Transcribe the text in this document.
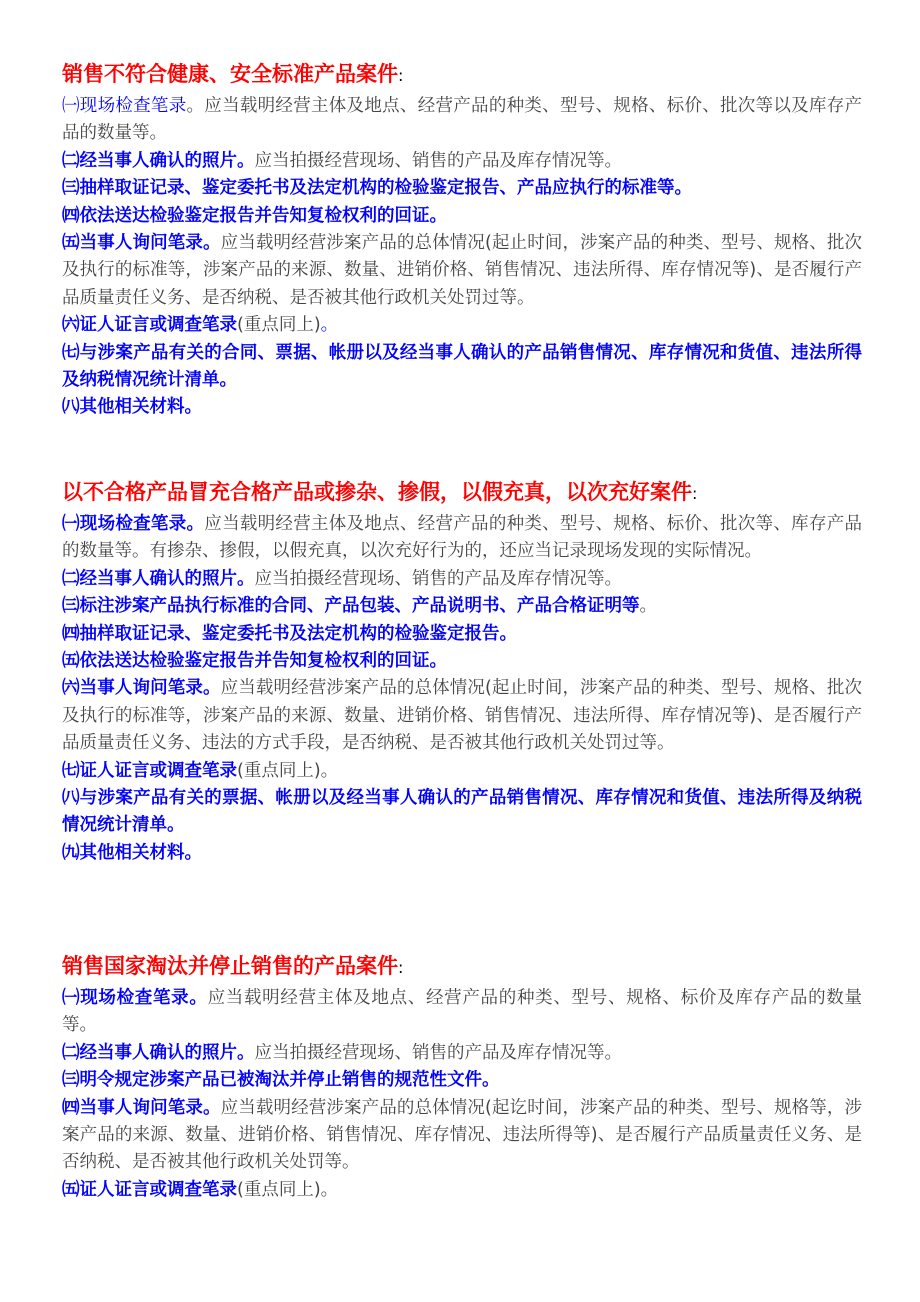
销售不符合健康、安全标准产品案件:

㈠现场检查笔录。应当载明经营主体及地点、经营产品的种类、型号、规格、标价、批次等以及库存产品的数量等。

㈡经当事人确认的照片。应当拍摄经营现场、销售的产品及库存情况等。

㈢抽样取证记录、鉴定委托书及法定机构的检验鉴定报告、产品应执行的标准等。

㈣依法送达检验鉴定报告并告知复检权利的回证。

㈤当事人询问笔录。应当载明经营涉案产品的总体情况(起止时间，涉案产品的种类、型号、规格、批次及执行的标准等，涉案产品的来源、数量、进销价格、销售情况、违法所得、库存情况等)、是否履行产品质量责任义务、是否纳税、是否被其他行政机关处罚过等。

㈥证人证言或调查笔录(重点同上)。

㈦与涉案产品有关的合同、票据、帐册以及经当事人确认的产品销售情况、库存情况和货值、违法所得及纳税情况统计清单。

㈧其他相关材料。

以不合格产品冒充合格产品或掺杂、掺假，以假充真，以次充好案件:

㈠现场检查笔录。应当载明经营主体及地点、经营产品的种类、型号、规格、标价、批次等、库存产品的数量等。有掺杂、掺假，以假充真，以次充好行为的，还应当记录现场发现的实际情况。

㈡经当事人确认的照片。应当拍摄经营现场、销售的产品及库存情况等。

㈢标注涉案产品执行标准的合同、产品包装、产品说明书、产品合格证明等。

㈣抽样取证记录、鉴定委托书及法定机构的检验鉴定报告。

㈤依法送达检验鉴定报告并告知复检权利的回证。

㈥当事人询问笔录。应当载明经营涉案产品的总体情况(起止时间，涉案产品的种类、型号、规格、批次及执行的标准等，涉案产品的来源、数量、进销价格、销售情况、违法所得、库存情况等)、是否履行产品质量责任义务、违法的方式手段，是否纳税、是否被其他行政机关处罚过等。

㈦证人证言或调查笔录(重点同上)。

㈧与涉案产品有关的票据、帐册以及经当事人确认的产品销售情况、库存情况和货值、违法所得及纳税情况统计清单。

㈨其他相关材料。

销售国家淘汰并停止销售的产品案件:

㈠现场检查笔录。应当载明经营主体及地点、经营产品的种类、型号、规格、标价及库存产品的数量等。

㈡经当事人确认的照片。应当拍摄经营现场、销售的产品及库存情况等。

㈢明令规定涉案产品已被淘汰并停止销售的规范性文件。

㈣当事人询问笔录。应当载明经营涉案产品的总体情况(起讫时间，涉案产品的种类、型号、规格等，涉案产品的来源、数量、进销价格、销售情况、库存情况、违法所得等)、是否履行产品质量责任义务、是否纳税、是否被其他行政机关处罚等。

㈤证人证言或调查笔录(重点同上)。
